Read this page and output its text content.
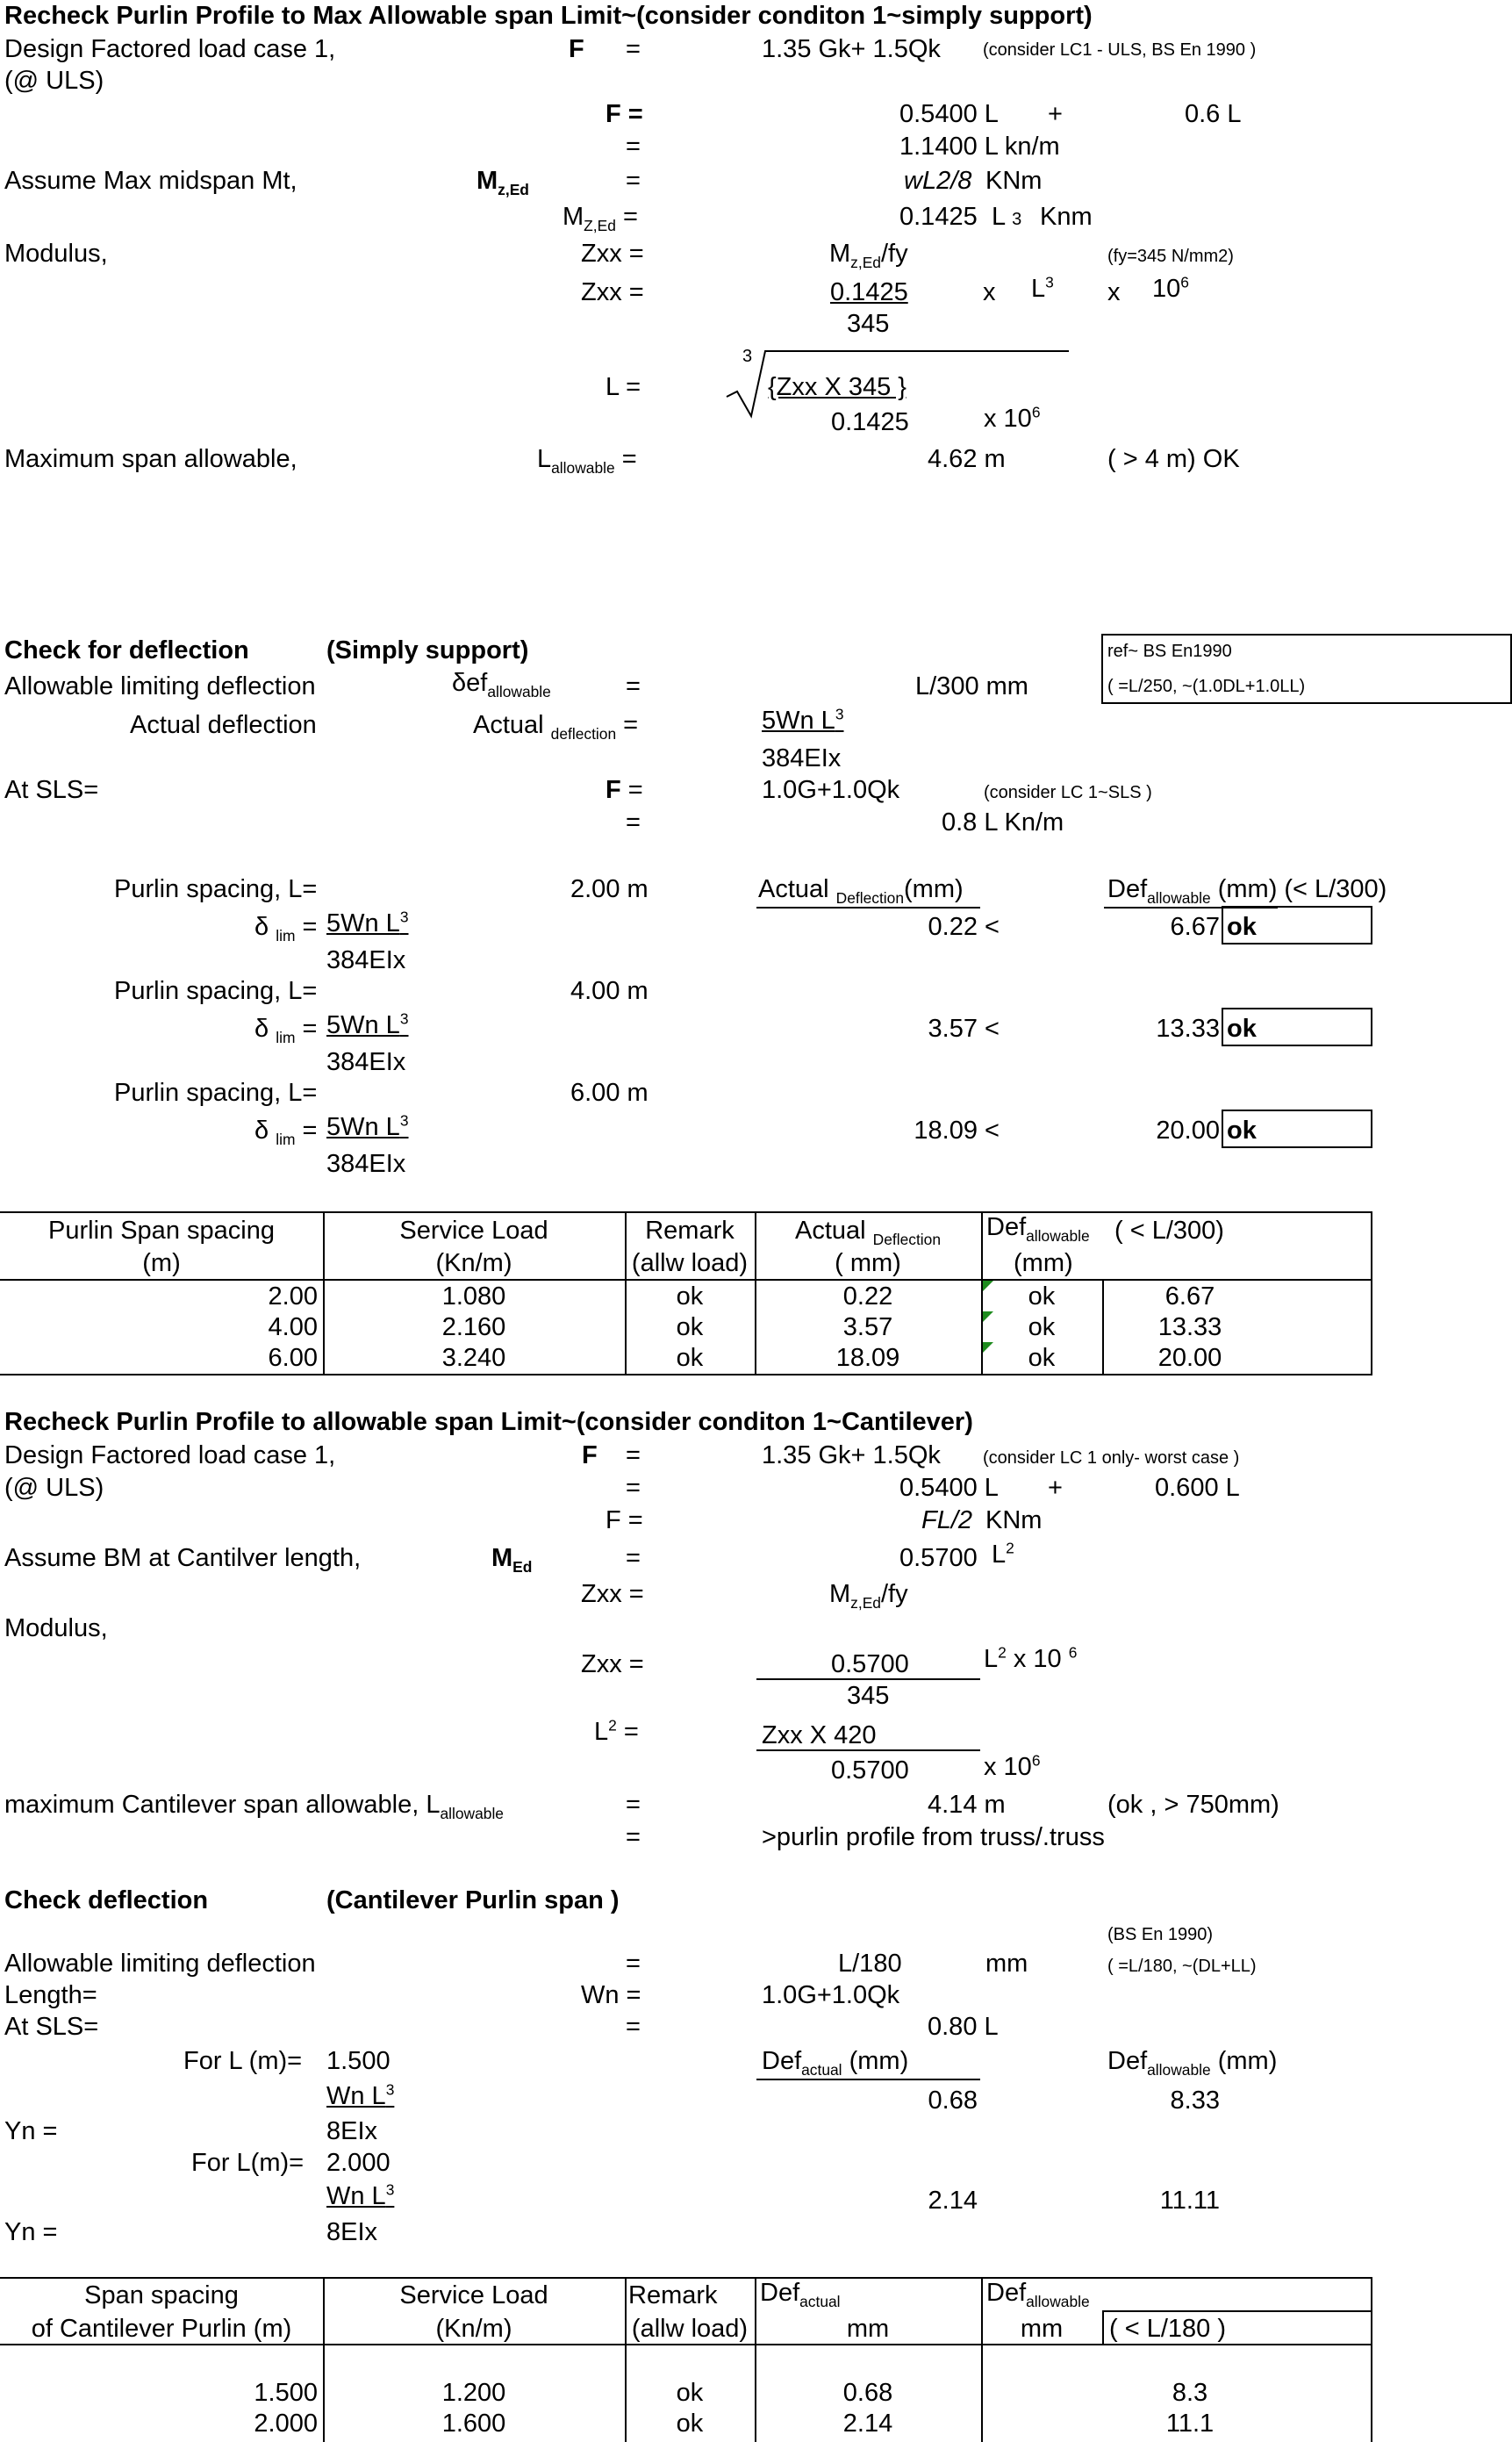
Recheck Purlin Profile to Max Allowable span Limit~(consider conditon 1~simply support)
Design Factored load case 1,
(@ ULS)
F =	1.35 Gk+ 1.5Qk (consider LC1 - ULS, BS En 1990 )
F =	0.5400 L +	0.6 L
=	1.1400 L kn/m
Assume Max midspan Mt,	$M_{z,Ed}$	=	wL2/8 KNm
$M_{Z,Ed}$ =	0.1425 L 3 Knm
Modulus,	Zxx =	$M_{z,Ed}/fy$	(fy=345 N/mm2)
Zxx =	0.1425	x $L^3$ x $10^6$
345
L =
3
{Zxx X 345 }
0.1425	x $10^6$
Maximum span allowable,	$L_{allowable}$ =	4.62 m	( > 4 m) OK
ref~ BS En1990
( =L/250, ~(1.0DL+1.0LL)
Check for deflection	(Simply support)
Allowable limiting deflection	δef$_{allowable}$	=	L/300 mm
Actual deflection	Actual $_{deflection}$ =	5Wn $L^3$
384EIx
At SLS=	F =	1.0G+1.0Qk	(consider LC 1~SLS )
=	0.8 L Kn/m
Actual $_{Deflection}$(mm)	Def$_{allowable}$ (mm) (< L/300)
Purlin spacing, L=	2.00 m
δ $_{lim}$ = 5Wn $L^3$
384EIx
0.22 <	6.67 ok
Purlin spacing, L=	4.00 m
δ $_{lim}$ = 5Wn $L^3$
384EIx
3.57 <	13.33 ok
Purlin spacing, L=	6.00 m
δ $_{lim}$ = 5Wn $L^3$
384EIx
18.09 <	20.00 ok
Purlin Span spacing
(m)
Service Load
(Kn/m)
Remark
(allw load)
Actual $_{Deflection}$
( mm)
Def$_{allowable}$
(mm)
( < L/300)
2.00	1.080	ok	0.22	ok	6.67
4.00	2.160	ok	3.57	ok	13.33
6.00	3.240	ok	18.09	ok	20.00
Recheck Purlin Profile to allowable span Limit~(consider conditon 1~Cantilever)
Design Factored load case 1,
(@ ULS)
F =	1.35 Gk+ 1.5Qk (consider LC 1 only- worst case )
=	0.5400 L +	0.600 L
F =	FL/2 KNm
Assume BM at Cantilver length,	$M_{Ed}$	=	0.5700 $L^2$
Zxx =	$M_{z,Ed}/fy$
Modulus,
Zxx =	0.5700	$L^2$ x 10 $^6$
345
$L^2$ =	Zxx X 420
0.5700	x $10^6$
maximum Cantilever span allowable, $L_{allowable}$	=	4.14 m	(ok , > 750mm)
=	>purlin profile from truss/.truss
Check deflection	(Cantilever Purlin span )
(BS En 1990)
( =L/180, ~(DL+LL)
Allowable limiting deflection	=	L/180	mm
Length=	Wn =	1.0G+1.0Qk
At SLS=	=	0.80 L
Def$_{actual}$ (mm)	Def$_{allowable}$ (mm)
For L (m)= 1.500
Wn $L^3$
Yn =	8EIx
0.68	8.33
For L(m)= 2.000
Wn $L^3$
Yn =	8EIx
2.14	11.11
Span spacing
of Cantilever Purlin (m)
Service Load
(Kn/m)
Remark
(allw load)
Def$_{actual}$
mm
Def$_{allowable}$
mm	( < L/180 )
1.500	1.200	ok	0.68	8.3
2.000	1.600	ok	2.14	11.1
